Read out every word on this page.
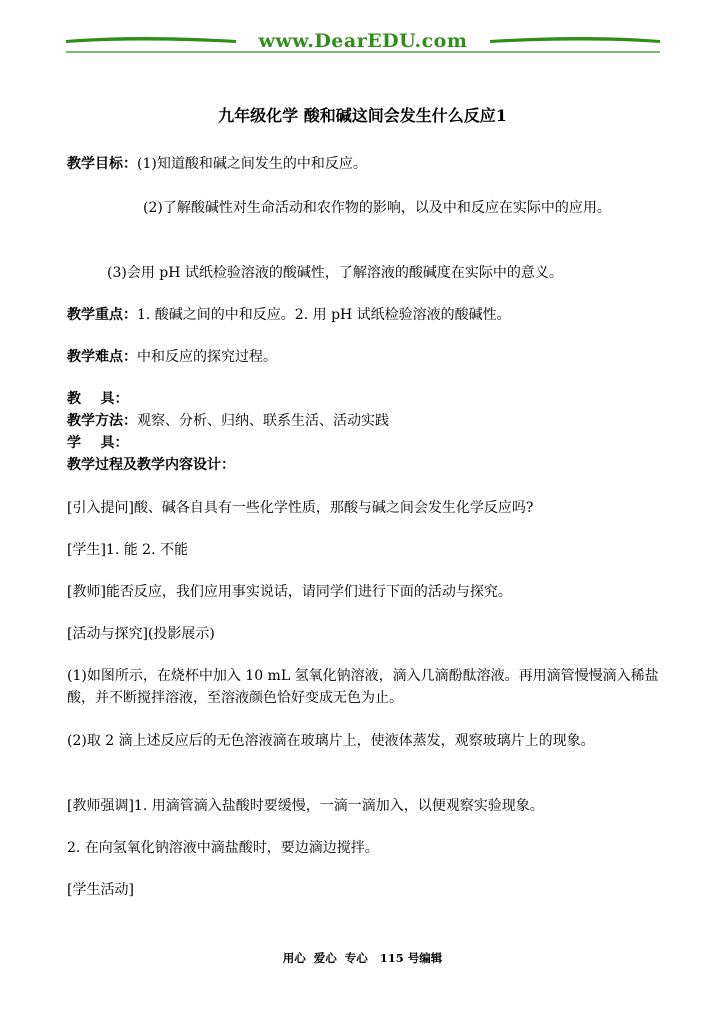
www.DearEDU.com
九年级化学 酸和碱这间会发生什么反应1
教学目标：(1)知道酸和碱之间发生的中和反应。
(2)了解酸碱性对生命活动和农作物的影响，以及中和反应在实际中的应用。
(3)会用 pH 试纸检验溶液的酸碱性，了解溶液的酸碱度在实际中的意义。
教学重点：1. 酸碱之间的中和反应。2. 用 pH 试纸检验溶液的酸碱性。
教学难点：中和反应的探究过程。
教    具：
教学方法：观察、分析、归纳、联系生活、活动实践
学    具：
教学过程及教学内容设计：
[引入提问]酸、碱各自具有一些化学性质，那酸与碱之间会发生化学反应吗?
[学生]1. 能 2. 不能
[教师]能否反应，我们应用事实说话，请同学们进行下面的活动与探究。
[活动与探究](投影展示)
(1)如图所示，在烧杯中加入 10 mL 氢氧化钠溶液，滴入几滴酚酞溶液。再用滴管慢慢滴入稀盐酸，并不断搅拌溶液，至溶液颜色恰好变成无色为止。
(2)取 2 滴上述反应后的无色溶液滴在玻璃片上，使液体蒸发，观察玻璃片上的现象。
[教师强调]1. 用滴管滴入盐酸时要缓慢，一滴一滴加入，以便观察实验现象。
2. 在向氢氧化钠溶液中滴盐酸时，要边滴边搅拌。
[学生活动]
用心  爱心  专心   115 号编辑
